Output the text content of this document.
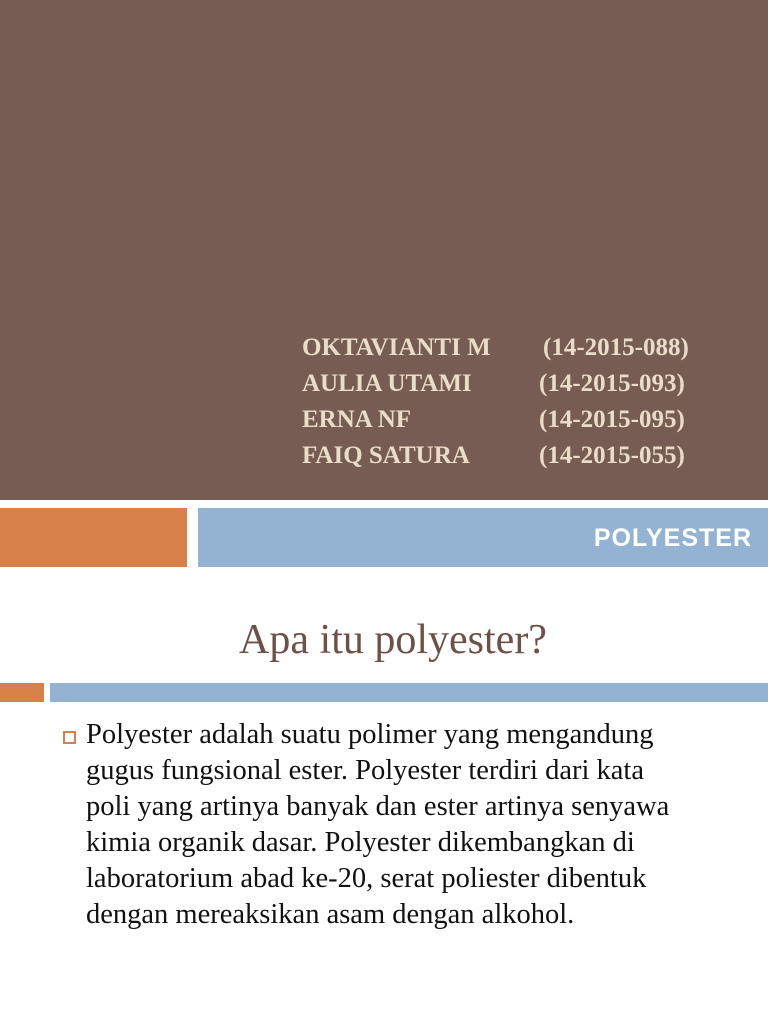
OKTAVIANTI M (14-2015-088)
AULIA UTAMI	(14-2015-093)
ERNA NF	(14-2015-095)
FAIQ SATURA	(14-2015-055)
POLYESTER
Apa itu polyester?
Polyester adalah suatu polimer yang mengandung
gugus fungsional ester. Polyester terdiri dari kata
poli yang artinya banyak dan ester artinya senyawa
kimia organik dasar. Polyester dikembangkan di
laboratorium abad ke-20, serat poliester dibentuk
dengan mereaksikan asam dengan alkohol.
